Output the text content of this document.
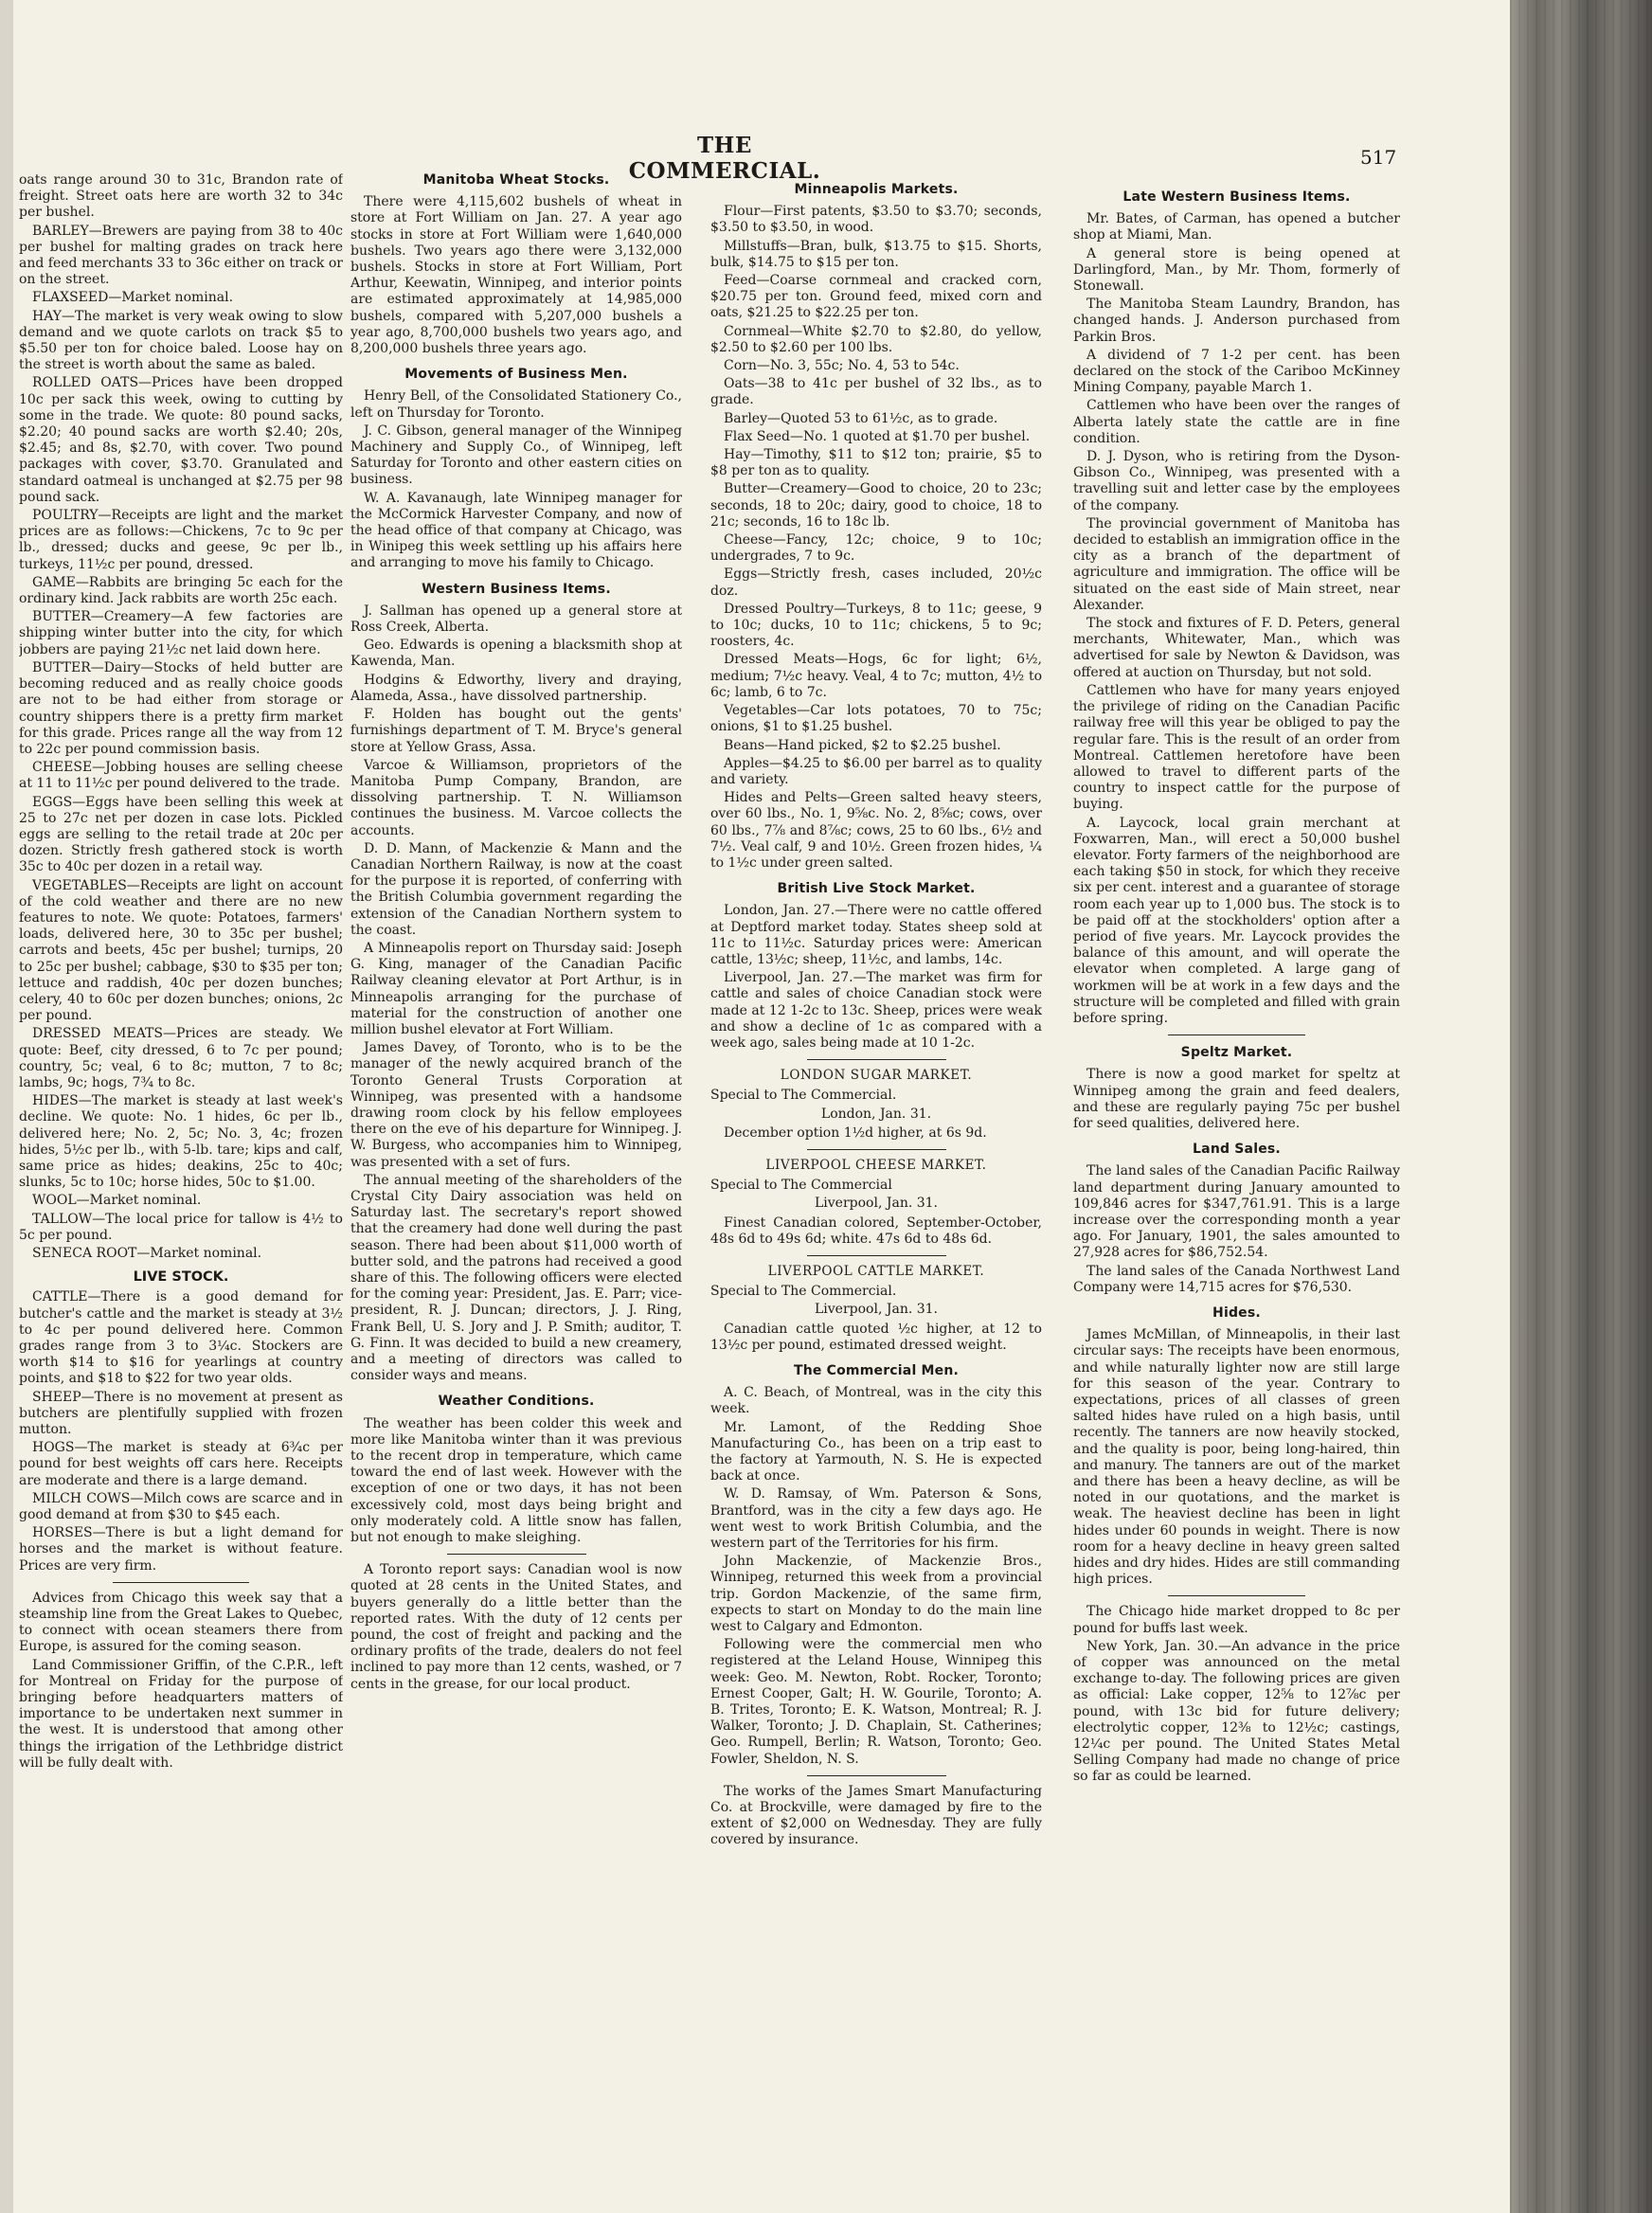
THE COMMERCIAL.
517

oats range around 30 to 31c, Brandon rate of freight. Street oats here are worth 32 to 34c per bushel.

BARLEY—Brewers are paying from 38 to 40c per bushel for malting grades on track here and feed merchants 33 to 36c either on track or on the street.

FLAXSEED—Market nominal.

HAY—The market is very weak owing to slow demand and we quote carlots on track $5 to $5.50 per ton for choice baled. Loose hay on the street is worth about the same as baled.

ROLLED OATS—Prices have been dropped 10c per sack this week, owing to cutting by some in the trade. We quote: 80 pound sacks, $2.20; 40 pound sacks are worth $2.40; 20s, $2.45; and 8s, $2.70, with cover. Two pound packages with cover, $3.70. Granulated and standard oatmeal is unchanged at $2.75 per 98 pound sack.

POULTRY—Receipts are light and the market prices are as follows:—Chickens, 7c to 9c per lb., dressed; ducks and geese, 9c per lb., turkeys, 11½c per pound, dressed.

GAME—Rabbits are bringing 5c each for the ordinary kind. Jack rabbits are worth 25c each.

BUTTER—Creamery—A few factories are shipping winter butter into the city, for which jobbers are paying 21½c net laid down here.

BUTTER—Dairy—Stocks of held butter are becoming reduced and as really choice goods are not to be had either from storage or country shippers there is a pretty firm market for this grade. Prices range all the way from 12 to 22c per pound commission basis.

CHEESE—Jobbing houses are selling cheese at 11 to 11½c per pound delivered to the trade.

EGGS—Eggs have been selling this week at 25 to 27c net per dozen in case lots. Pickled eggs are selling to the retail trade at 20c per dozen. Strictly fresh gathered stock is worth 35c to 40c per dozen in a retail way.

VEGETABLES—Receipts are light on account of the cold weather and there are no new features to note. We quote: Potatoes, farmers' loads, delivered here, 30 to 35c per bushel; carrots and beets, 45c per bushel; turnips, 20 to 25c per bushel; cabbage, $30 to $35 per ton; lettuce and raddish, 40c per dozen bunches; celery, 40 to 60c per dozen bunches; onions, 2c per pound.

DRESSED MEATS—Prices are steady. We quote: Beef, city dressed, 6 to 7c per pound; country, 5c; veal, 6 to 8c; mutton, 7 to 8c; lambs, 9c; hogs, 7¾ to 8c.

HIDES—The market is steady at last week's decline. We quote: No. 1 hides, 6c per lb., delivered here; No. 2, 5c; No. 3, 4c; frozen hides, 5½c per lb., with 5-lb. tare; kips and calf, same price as hides; deakins, 25c to 40c; slunks, 5c to 10c; horse hides, 50c to $1.00.

WOOL—Market nominal.

TALLOW—The local price for tallow is 4½ to 5c per pound.

SENECA ROOT—Market nominal.

LIVE STOCK.

CATTLE—There is a good demand for butcher's cattle and the market is steady at 3½ to 4c per pound delivered here. Common grades range from 3 to 3¼c. Stockers are worth $14 to $16 for yearlings at country points, and $18 to $22 for two year olds.

SHEEP—There is no movement at present as butchers are plentifully supplied with frozen mutton.

HOGS—The market is steady at 6¾c per pound for best weights off cars here. Receipts are moderate and there is a large demand.

MILCH COWS—Milch cows are scarce and in good demand at from $30 to $45 each.

HORSES—There is but a light demand for horses and the market is without feature. Prices are very firm.

Advices from Chicago this week say that a steamship line from the Great Lakes to Quebec, to connect with ocean steamers there from Europe, is assured for the coming season.

Land Commissioner Griffin, of the C.P.R., left for Montreal on Friday for the purpose of bringing before headquarters matters of importance to be undertaken next summer in the west. It is understood that among other things the irrigation of the Lethbridge district will be fully dealt with.

Manitoba Wheat Stocks.

There were 4,115,602 bushels of wheat in store at Fort William on Jan. 27. A year ago stocks in store at Fort William were 1,640,000 bushels. Two years ago there were 3,132,000 bushels. Stocks in store at Fort William, Port Arthur, Keewatin, Winnipeg, and interior points are estimated approximately at 14,985,000 bushels, compared with 5,207,000 bushels a year ago, 8,700,000 bushels two years ago, and 8,200,000 bushels three years ago.

Movements of Business Men.

Henry Bell, of the Consolidated Stationery Co., left on Thursday for Toronto.

J. C. Gibson, general manager of the Winnipeg Machinery and Supply Co., of Winnipeg, left Saturday for Toronto and other eastern cities on business.

W. A. Kavanaugh, late Winnipeg manager for the McCormick Harvester Company, and now of the head office of that company at Chicago, was in Winipeg this week settling up his affairs here and arranging to move his family to Chicago.

Western Business Items.

J. Sallman has opened up a general store at Ross Creek, Alberta.

Geo. Edwards is opening a blacksmith shop at Kawenda, Man.

Hodgins & Edworthy, livery and draying, Alameda, Assa., have dissolved partnership.

F. Holden has bought out the gents' furnishings department of T. M. Bryce's general store at Yellow Grass, Assa.

Varcoe & Williamson, proprietors of the Manitoba Pump Company, Brandon, are dissolving partnership. T. N. Williamson continues the business. M. Varcoe collects the accounts.

D. D. Mann, of Mackenzie & Mann and the Canadian Northern Railway, is now at the coast for the purpose it is reported, of conferring with the British Columbia government regarding the extension of the Canadian Northern system to the coast.

A Minneapolis report on Thursday said: Joseph G. King, manager of the Canadian Pacific Railway cleaning elevator at Port Arthur, is in Minneapolis arranging for the purchase of material for the construction of another one million bushel elevator at Fort William.

James Davey, of Toronto, who is to be the manager of the newly acquired branch of the Toronto General Trusts Corporation at Winnipeg, was presented with a handsome drawing room clock by his fellow employees there on the eve of his departure for Winnipeg. J. W. Burgess, who accompanies him to Winnipeg, was presented with a set of furs.

The annual meeting of the shareholders of the Crystal City Dairy association was held on Saturday last. The secretary's report showed that the creamery had done well during the past season. There had been about $11,000 worth of butter sold, and the patrons had received a good share of this. The following officers were elected for the coming year: President, Jas. E. Parr; vice-president, R. J. Duncan; directors, J. J. Ring, Frank Bell, U. S. Jory and J. P. Smith; auditor, T. G. Finn. It was decided to build a new creamery, and a meeting of directors was called to consider ways and means.

Weather Conditions.

The weather has been colder this week and more like Manitoba winter than it was previous to the recent drop in temperature, which came toward the end of last week. However with the exception of one or two days, it has not been excessively cold, most days being bright and only moderately cold. A little snow has fallen, but not enough to make sleighing.

A Toronto report says: Canadian wool is now quoted at 28 cents in the United States, and buyers generally do a little better than the reported rates. With the duty of 12 cents per pound, the cost of freight and packing and the ordinary profits of the trade, dealers do not feel inclined to pay more than 12 cents, washed, or 7 cents in the grease, for our local product.

Minneapolis Markets.

Flour—First patents, $3.50 to $3.70; seconds, $3.50 to $3.50, in wood.

Millstuffs—Bran, bulk, $13.75 to $15. Shorts, bulk, $14.75 to $15 per ton.

Feed—Coarse cornmeal and cracked corn, $20.75 per ton. Ground feed, mixed corn and oats, $21.25 to $22.25 per ton.

Cornmeal—White $2.70 to $2.80, do yellow, $2.50 to $2.60 per 100 lbs.

Corn—No. 3, 55c; No. 4, 53 to 54c.

Oats—38 to 41c per bushel of 32 lbs., as to grade.

Barley—Quoted 53 to 61½c, as to grade.

Flax Seed—No. 1 quoted at $1.70 per bushel.

Hay—Timothy, $11 to $12 ton; prairie, $5 to $8 per ton as to quality.

Butter—Creamery—Good to choice, 20 to 23c; seconds, 18 to 20c; dairy, good to choice, 18 to 21c; seconds, 16 to 18c lb.

Cheese—Fancy, 12c; choice, 9 to 10c; undergrades, 7 to 9c.

Eggs—Strictly fresh, cases included, 20½c doz.

Dressed Poultry—Turkeys, 8 to 11c; geese, 9 to 10c; ducks, 10 to 11c; chickens, 5 to 9c; roosters, 4c.

Dressed Meats—Hogs, 6c for light; 6½, medium; 7½c heavy. Veal, 4 to 7c; mutton, 4½ to 6c; lamb, 6 to 7c.

Vegetables—Car lots potatoes, 70 to 75c; onions, $1 to $1.25 bushel.

Beans—Hand picked, $2 to $2.25 bushel.

Apples—$4.25 to $6.00 per barrel as to quality and variety.

Hides and Pelts—Green salted heavy steers, over 60 lbs., No. 1, 9⅝c. No. 2, 8⅝c; cows, over 60 lbs., 7⅞ and 8⅞c; cows, 25 to 60 lbs., 6½ and 7½. Veal calf, 9 and 10½. Green frozen hides, ¼ to 1½c under green salted.

British Live Stock Market.

London, Jan. 27.—There were no cattle offered at Deptford market today. States sheep sold at 11c to 11½c. Saturday prices were: American cattle, 13½c; sheep, 11½c, and lambs, 14c.

Liverpool, Jan. 27.—The market was firm for cattle and sales of choice Canadian stock were made at 12 1-2c to 13c. Sheep, prices were weak and show a decline of 1c as compared with a week ago, sales being made at 10 1-2c.

LONDON SUGAR MARKET.

Special to The Commercial.

London, Jan. 31.

December option 1½d higher, at 6s 9d.

LIVERPOOL CHEESE MARKET.

Special to The Commercial

Liverpool, Jan. 31.

Finest Canadian colored, September-October, 48s 6d to 49s 6d; white. 47s 6d to 48s 6d.

LIVERPOOL CATTLE MARKET.

Special to The Commercial.

Liverpool, Jan. 31.

Canadian cattle quoted ½c higher, at 12 to 13½c per pound, estimated dressed weight.

The Commercial Men.

A. C. Beach, of Montreal, was in the city this week.

Mr. Lamont, of the Redding Shoe Manufacturing Co., has been on a trip east to the factory at Yarmouth, N. S. He is expected back at once.

W. D. Ramsay, of Wm. Paterson & Sons, Brantford, was in the city a few days ago. He went west to work British Columbia, and the western part of the Territories for his firm.

John Mackenzie, of Mackenzie Bros., Winnipeg, returned this week from a provincial trip. Gordon Mackenzie, of the same firm, expects to start on Monday to do the main line west to Calgary and Edmonton.

Following were the commercial men who registered at the Leland House, Winnipeg this week: Geo. M. Newton, Robt. Rocker, Toronto; Ernest Cooper, Galt; H. W. Gourile, Toronto; A. B. Trites, Toronto; E. K. Watson, Montreal; R. J. Walker, Toronto; J. D. Chaplain, St. Catherines; Geo. Rumpell, Berlin; R. Watson, Toronto; Geo. Fowler, Sheldon, N. S.

The works of the James Smart Manufacturing Co. at Brockville, were damaged by fire to the extent of $2,000 on Wednesday. They are fully covered by insurance.

Late Western Business Items.

Mr. Bates, of Carman, has opened a butcher shop at Miami, Man.

A general store is being opened at Darlingford, Man., by Mr. Thom, formerly of Stonewall.

The Manitoba Steam Laundry, Brandon, has changed hands. J. Anderson purchased from Parkin Bros.

A dividend of 7 1-2 per cent. has been declared on the stock of the Cariboo McKinney Mining Company, payable March 1.

Cattlemen who have been over the ranges of Alberta lately state the cattle are in fine condition.

D. J. Dyson, who is retiring from the Dyson-Gibson Co., Winnipeg, was presented with a travelling suit and letter case by the employees of the company.

The provincial government of Manitoba has decided to establish an immigration office in the city as a branch of the department of agriculture and immigration. The office will be situated on the east side of Main street, near Alexander.

The stock and fixtures of F. D. Peters, general merchants, Whitewater, Man., which was advertised for sale by Newton & Davidson, was offered at auction on Thursday, but not sold.

Cattlemen who have for many years enjoyed the privilege of riding on the Canadian Pacific railway free will this year be obliged to pay the regular fare. This is the result of an order from Montreal. Cattlemen heretofore have been allowed to travel to different parts of the country to inspect cattle for the purpose of buying.

A. Laycock, local grain merchant at Foxwarren, Man., will erect a 50,000 bushel elevator. Forty farmers of the neighborhood are each taking $50 in stock, for which they receive six per cent. interest and a guarantee of storage room each year up to 1,000 bus. The stock is to be paid off at the stockholders' option after a period of five years. Mr. Laycock provides the balance of this amount, and will operate the elevator when completed. A large gang of workmen will be at work in a few days and the structure will be completed and filled with grain before spring.

Speltz Market.

There is now a good market for speltz at Winnipeg among the grain and feed dealers, and these are regularly paying 75c per bushel for seed qualities, delivered here.

Land Sales.

The land sales of the Canadian Pacific Railway land department during January amounted to 109,846 acres for $347,761.91. This is a large increase over the corresponding month a year ago. For January, 1901, the sales amounted to 27,928 acres for $86,752.54.

The land sales of the Canada Northwest Land Company were 14,715 acres for $76,530.

Hides.

James McMillan, of Minneapolis, in their last circular says: The receipts have been enormous, and while naturally lighter now are still large for this season of the year. Contrary to expectations, prices of all classes of green salted hides have ruled on a high basis, until recently. The tanners are now heavily stocked, and the quality is poor, being long-haired, thin and manury. The tanners are out of the market and there has been a heavy decline, as will be noted in our quotations, and the market is weak. The heaviest decline has been in light hides under 60 pounds in weight. There is now room for a heavy decline in heavy green salted hides and dry hides. Hides are still commanding high prices.

The Chicago hide market dropped to 8c per pound for buffs last week.

New York, Jan. 30.—An advance in the price of copper was announced on the metal exchange to-day. The following prices are given as official: Lake copper, 12⅝ to 12⅞c per pound, with 13c bid for future delivery; electrolytic copper, 12⅜ to 12½c; castings, 12¼c per pound. The United States Metal Selling Company had made no change of price so far as could be learned.
